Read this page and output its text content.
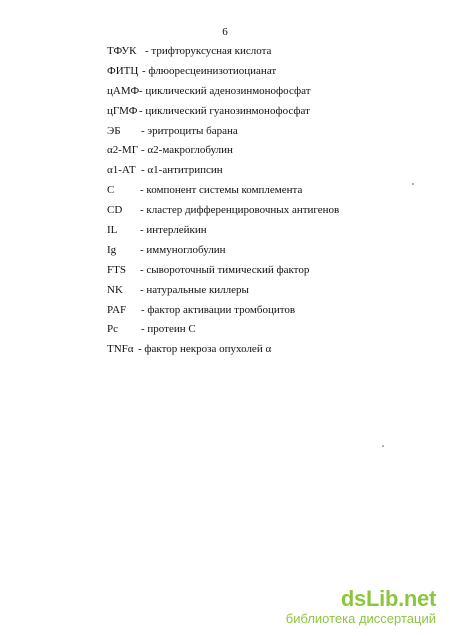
6
ТФУК - трифторуксусная кислота
ФИТЦ - флюоресцеинизотиоцианат
цАМФ - циклический аденозинмонофосфат
цГМФ - циклический гуанозинмонофосфат
ЭБ - эритроциты барана
α2-МГ - α2-макроглобулин
α1-АТ - α1-антитрипсин
С - компонент системы комплемента
CD - кластер дифференцировочных антигенов
IL - интерлейкин
Ig - иммуноглобулин
FTS - сывороточный тимический фактор
NK - натуральные киллеры
PAF - фактор активации тромбоцитов
Pc - протеин С
TNFα - фактор некроза опухолей α
dsLib.net
библиотека диссертаций
